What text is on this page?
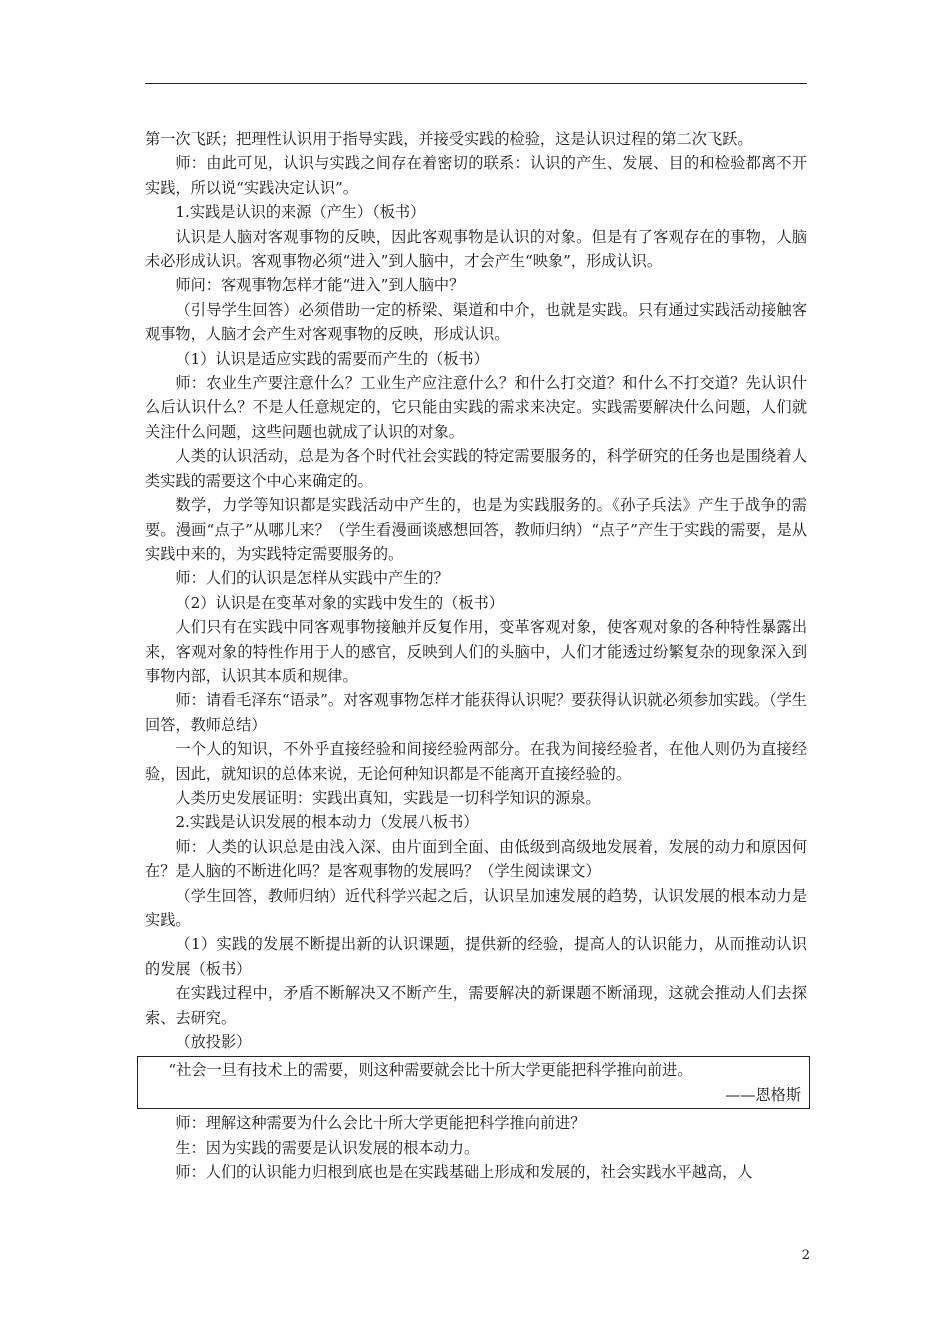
第一次飞跃；把理性认识用于指导实践，并接受实践的检验，这是认识过程的第二次飞跃。

师：由此可见，认识与实践之间存在着密切的联系：认识的产生、发展、目的和检验都离不开实践，所以说“实践决定认识”。

1.实践是认识的来源（产生）（板书）

认识是人脑对客观事物的反映，因此客观事物是认识的对象。但是有了客观存在的事物，人脑未必形成认识。客观事物必须“进入”到人脑中，才会产生“映象”，形成认识。

师问：客观事物怎样才能“进入”到人脑中？

（引导学生回答）必须借助一定的桥梁、渠道和中介，也就是实践。只有通过实践活动接触客观事物，人脑才会产生对客观事物的反映，形成认识。

（1）认识是适应实践的需要而产生的（板书）

师：农业生产要注意什么？工业生产应注意什么？和什么打交道？和什么不打交道？先认识什么后认识什么？不是人任意规定的，它只能由实践的需求来决定。实践需要解决什么问题，人们就关注什么问题，这些问题也就成了认识的对象。

人类的认识活动，总是为各个时代社会实践的特定需要服务的，科学研究的任务也是围绕着人类实践的需要这个中心来确定的。

数学，力学等知识都是实践活动中产生的，也是为实践服务的。《孙子兵法》产生于战争的需要。漫画“点子”从哪儿来？（学生看漫画谈感想回答，教师归纳）“点子”产生于实践的需要，是从实践中来的，为实践特定需要服务的。

师：人们的认识是怎样从实践中产生的？

（2）认识是在变革对象的实践中发生的（板书）

人们只有在实践中同客观事物接触并反复作用，变革客观对象，使客观对象的各种特性暴露出来，客观对象的特性作用于人的感官，反映到人们的头脑中，人们才能透过纷繁复杂的现象深入到事物内部，认识其本质和规律。

师：请看毛泽东“语录”。对客观事物怎样才能获得认识呢？要获得认识就必须参加实践。（学生回答，教师总结）

一个人的知识，不外乎直接经验和间接经验两部分。在我为间接经验者，在他人则仍为直接经验，因此，就知识的总体来说，无论何种知识都是不能离开直接经验的。

人类历史发展证明：实践出真知，实践是一切科学知识的源泉。

2.实践是认识发展的根本动力（发展八板书）

师：人类的认识总是由浅入深、由片面到全面、由低级到高级地发展着，发展的动力和原因何在？是人脑的不断进化吗？是客观事物的发展吗？（学生阅读课文）

（学生回答，教师归纳）近代科学兴起之后，认识呈加速发展的趋势，认识发展的根本动力是实践。

（1）实践的发展不断提出新的认识课题，提供新的经验，提高人的认识能力，从而推动认识的发展（板书）

在实践过程中，矛盾不断解决又不断产生，需要解决的新课题不断涌现，这就会推动人们去探索、去研究。

（放投影）

“社会一旦有技术上的需要，则这种需要就会比十所大学更能把科学推向前进。

——恩格斯

师：理解这种需要为什么会比十所大学更能把科学推向前进？

生：因为实践的需要是认识发展的根本动力。

师：人们的认识能力归根到底也是在实践基础上形成和发展的，社会实践水平越高，人

2
